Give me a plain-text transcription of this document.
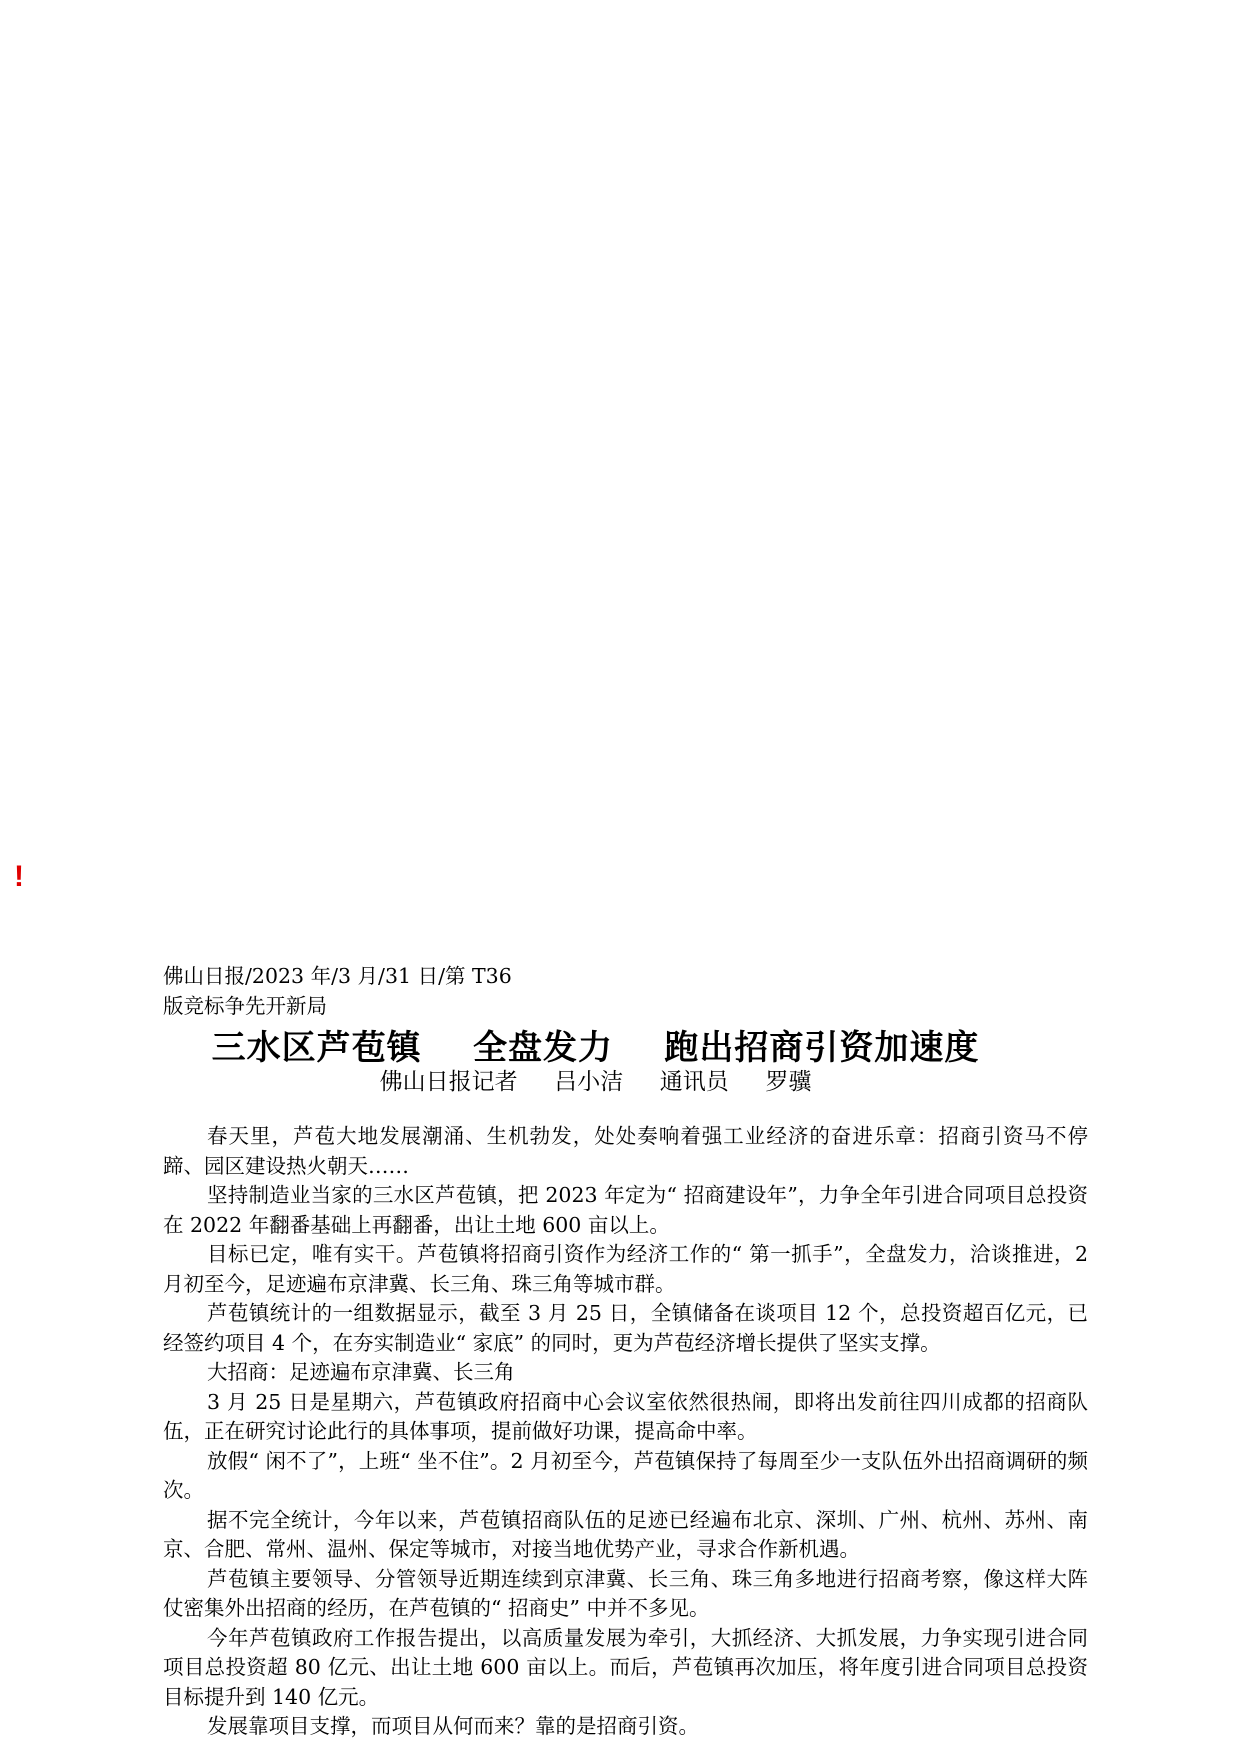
!

佛山日报/2023 年/3 月/31 日/第 T36

版竞标争先开新局

三水区芦苞镇    全盘发力    跑出招商引资加速度
佛山日报记者     吕小洁     通讯员     罗骥

春天里，芦苞大地发展潮涌、生机勃发，处处奏响着强工业经济的奋进乐章：招商引资马不停蹄、园区建设热火朝天……

坚持制造业当家的三水区芦苞镇，把 2023 年定为“ 招商建设年”，力争全年引进合同项目总投资在 2022 年翻番基础上再翻番，出让土地 600 亩以上。

目标已定，唯有实干。芦苞镇将招商引资作为经济工作的“ 第一抓手”，全盘发力，洽谈推进，2 月初至今，足迹遍布京津冀、长三角、珠三角等城市群。

芦苞镇统计的一组数据显示，截至 3 月 25 日，全镇储备在谈项目 12 个，总投资超百亿元，已经签约项目 4 个，在夯实制造业“ 家底” 的同时，更为芦苞经济增长提供了坚实支撑。

大招商：足迹遍布京津冀、长三角

3 月 25 日是星期六，芦苞镇政府招商中心会议室依然很热闹，即将出发前往四川成都的招商队伍，正在研究讨论此行的具体事项，提前做好功课，提高命中率。

放假“ 闲不了”，上班“ 坐不住”。2 月初至今，芦苞镇保持了每周至少一支队伍外出招商调研的频次。

据不完全统计，今年以来，芦苞镇招商队伍的足迹已经遍布北京、深圳、广州、杭州、苏州、南京、合肥、常州、温州、保定等城市，对接当地优势产业，寻求合作新机遇。

芦苞镇主要领导、分管领导近期连续到京津冀、长三角、珠三角多地进行招商考察，像这样大阵仗密集外出招商的经历，在芦苞镇的“ 招商史” 中并不多见。

今年芦苞镇政府工作报告提出，以高质量发展为牵引，大抓经济、大抓发展，力争实现引进合同项目总投资超 80 亿元、出让土地 600 亩以上。而后，芦苞镇再次加压，将年度引进合同项目总投资目标提升到 140 亿元。

发展靠项目支撑，而项目从何而来？靠的是招商引资。
